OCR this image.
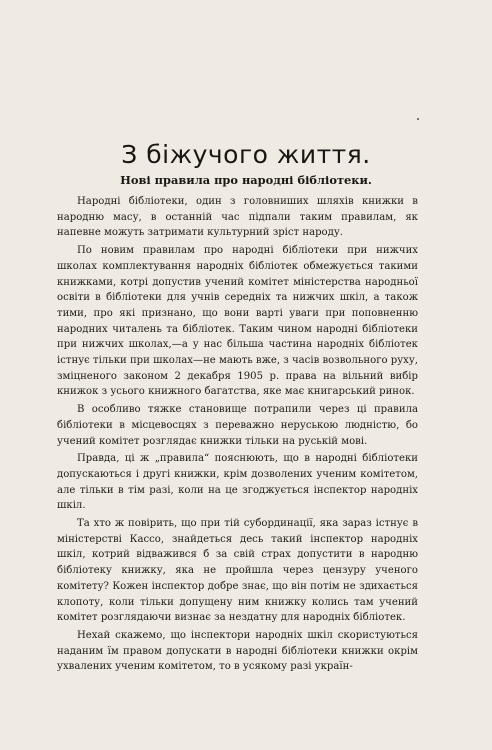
З біжучого життя.
Нові правила про народні бібліотеки.

Народні бібліотеки, один з головниших шляхів книжки в народню масу, в останній час підпали таким правилам, як напевне можуть затримати культурний зріст народу.

По новим правилам про народні бібліотеки при нижчих школах комплектування народніх бібліотек обмежується такими книжками, котрі допустив учений комітет міністерства народньої освіти в бібліотеки для учнів середніх та нижчих шкіл, а також тими, про які признано, що вони варті уваги при поповненню народних читалень та бібліотек. Таким чином народні бібліотеки при нижчих школах,—а у нас більша частина народніх бібліотек істнує тільки при школах—не мають вже, з часів возвольного руху, зміцненого законом 2 декабря 1905 р. права на вільний вибір книжок з усього книжного багатства, яке має книгарський ринок.

В особливо тяжке становище потрапили через ці правила бібліотеки в місцевосцях з переважно неруською людністю, бо учений комітет розглядає книжки тільки на руській мові.

Правда, ці ж „правила“ пояснюють, що в народні бібліотеки допускаються і другі книжки, крім дозволених ученим комітетом, але тільки в тім разі, коли на це згоджується інспектор народніх шкіл.

Та хто ж повірить, що при тій субординації, яка зараз істнує в міністерстві Кассо, знайдеться десь такий інспектор народніх шкіл, котрий відважився б за свій страх допустити в народню бібліотеку книжку, яка не пройшла через цензуру ученого комітету? Кожен інспектор добре знає, що він потім не здихається клопоту, коли тільки допущену ним книжку колись там учений комітет розглядаючи визнає за нездатну для народніх бібліотек.

Нехай скажемо, що інспектори народніх шкіл скористуються наданим їм правом допускати в народні бібліотеки книжки окрім ухвалених ученим комітетом, то в усякому разі україн-
